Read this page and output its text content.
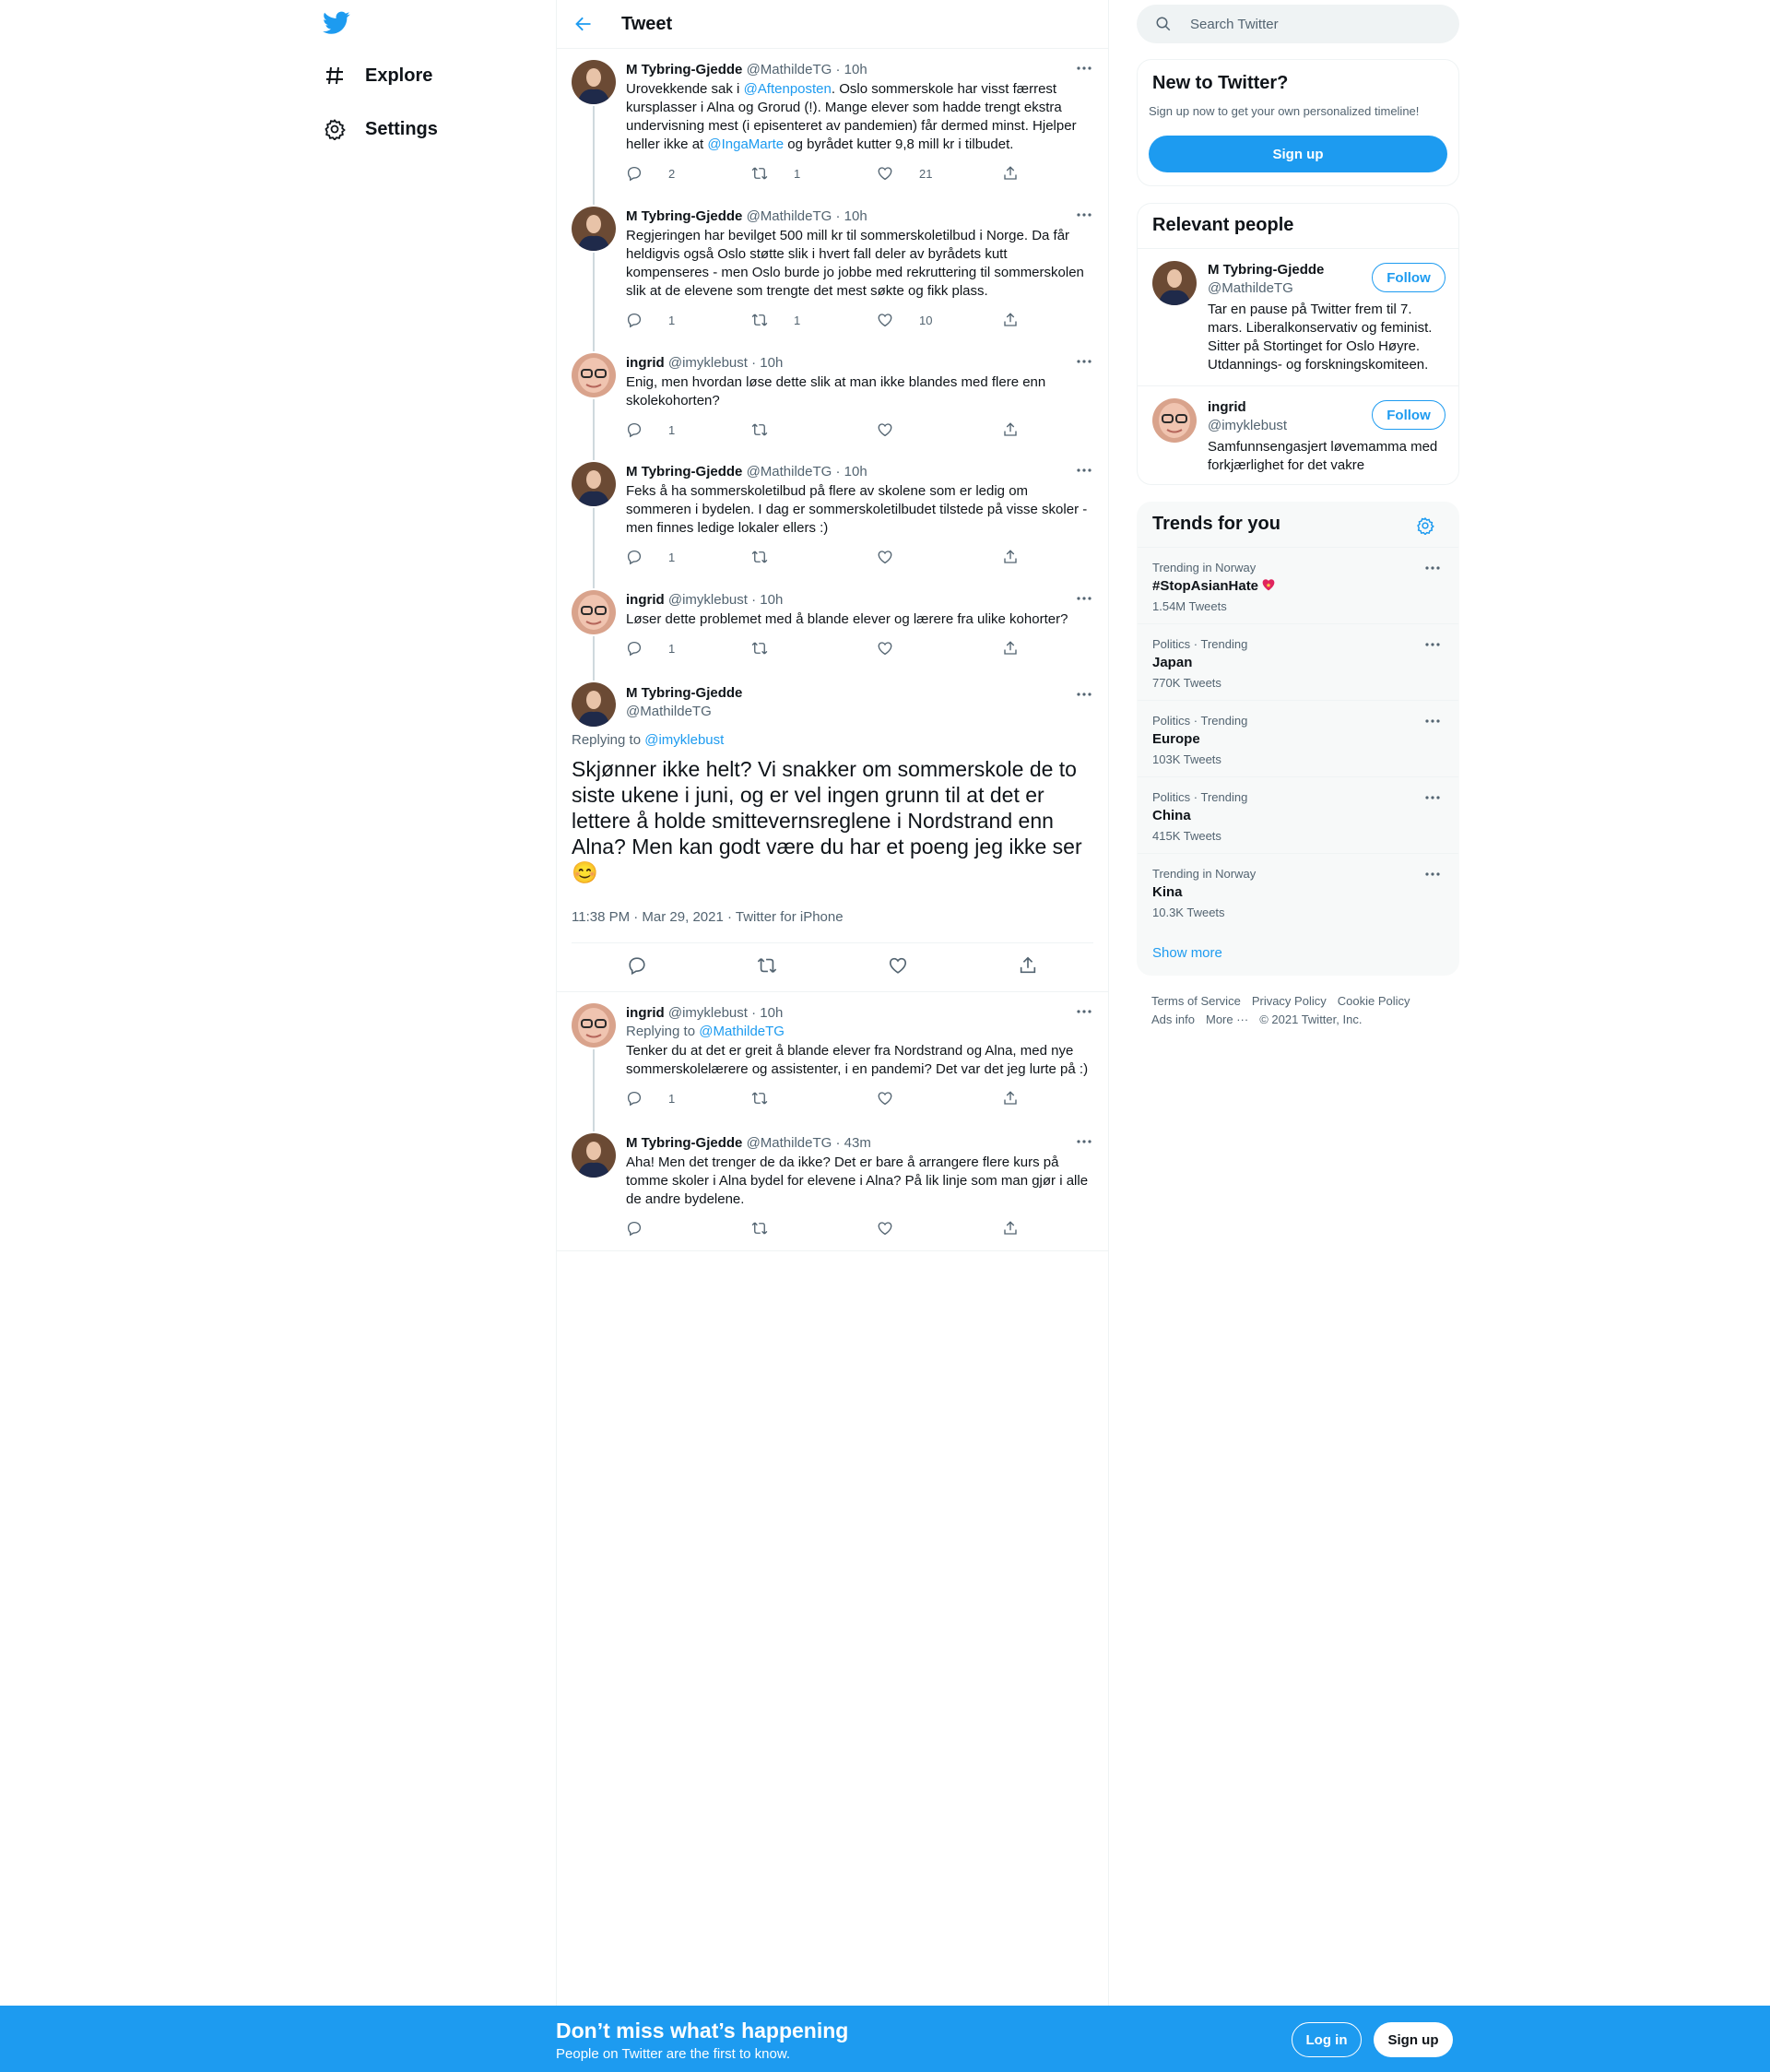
Explore
Settings
Tweet
M Tybring-Gjedde @MathildeTG · 10h
Urovekkende sak i @Aftenposten. Oslo sommerskole har visst færrest kursplasser i Alna og Grorud (!). Mange elever som hadde trengt ekstra undervisning mest (i episenteret av pandemien) får dermed minst. Hjelper heller ikke at @IngaMarte og byrådet kutter 9,8 mill kr i tilbudet.
2	1	21
M Tybring-Gjedde @MathildeTG · 10h
Regjeringen har bevilget 500 mill kr til sommerskoletilbud i Norge. Da får heldigvis også Oslo støtte slik i hvert fall deler av byrådets kutt kompenseres - men Oslo burde jo jobbe med rekruttering til sommerskolen slik at de elevene som trengte det mest søkte og fikk plass.
1	1	10
ingrid @imyklebust · 10h
Enig, men hvordan løse dette slik at man ikke blandes med flere enn skolekohorten?
1
M Tybring-Gjedde @MathildeTG · 10h
Feks å ha sommerskoletilbud på flere av skolene som er ledig om sommeren i bydelen. I dag er sommerskoletilbudet tilstede på visse skoler - men finnes ledige lokaler ellers :)
1
ingrid @imyklebust · 10h
Løser dette problemet med å blande elever og lærere fra ulike kohorter?
1
M Tybring-Gjedde
@MathildeTG
Replying to @imyklebust
Skjønner ikke helt? Vi snakker om sommerskole de to siste ukene i juni, og er vel ingen grunn til at det er lettere å holde smittevernsreglene i Nordstrand enn Alna? Men kan godt være du har et poeng jeg ikke ser 😊
11:38 PM · Mar 29, 2021 · Twitter for iPhone
ingrid @imyklebust · 10h
Replying to @MathildeTG
Tenker du at det er greit å blande elever fra Nordstrand og Alna, med nye sommerskolelærere og assistenter, i en pandemi? Det var det jeg lurte på :)
1
M Tybring-Gjedde @MathildeTG · 43m
Aha! Men det trenger de da ikke? Det er bare å arrangere flere kurs på tomme skoler i Alna bydel for elevene i Alna? På lik linje som man gjør i alle de andre bydelene.
Search Twitter
New to Twitter?
Sign up now to get your own personalized timeline!
Sign up
Relevant people
M Tybring-Gjedde
@MathildeTG
Tar en pause på Twitter frem til 7. mars. Liberalkonservativ og feminist. Sitter på Stortinget for Oslo Høyre. Utdannings- og forskningskomiteen.
Follow
ingrid
@imyklebust
Samfunnsengasjert løvemamma med forkjærlighet for det vakre
Follow
Trends for you
Trending in Norway
#StopAsianHate
1.54M Tweets
Politics · Trending
Japan
770K Tweets
Politics · Trending
Europe
103K Tweets
Politics · Trending
China
415K Tweets
Trending in Norway
Kina
10.3K Tweets
Show more
Terms of Service Privacy Policy Cookie Policy
Ads info More ··· © 2021 Twitter, Inc.
Don’t miss what’s happening
People on Twitter are the first to know.
Log in	Sign up
